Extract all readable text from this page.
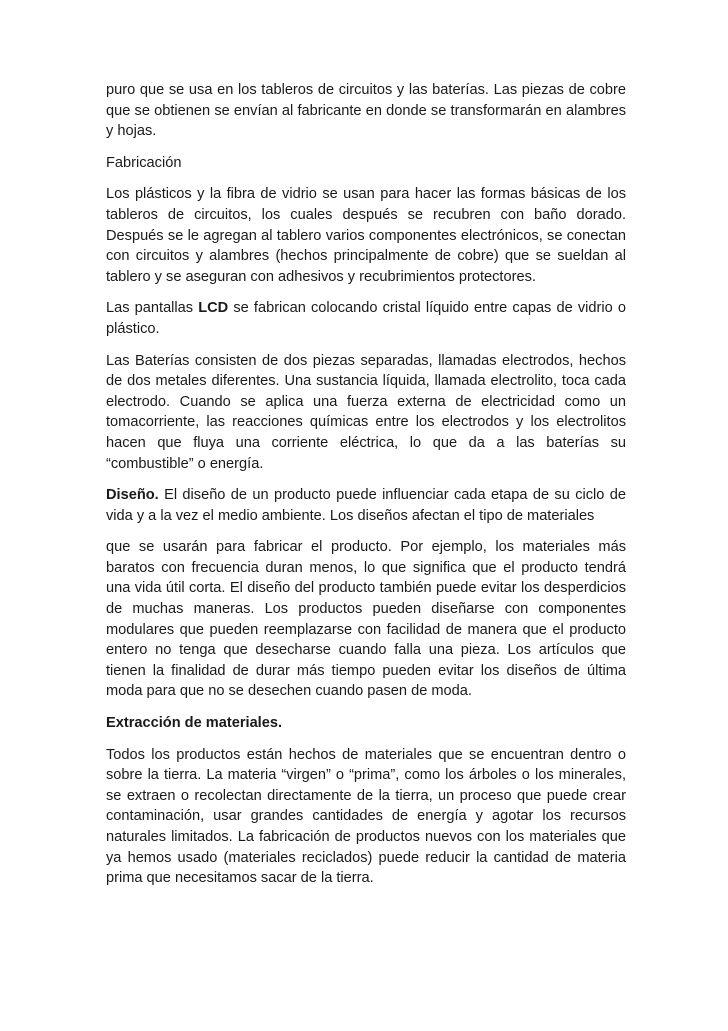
puro que se usa en los tableros de circuitos y las baterías. Las piezas de cobre que se obtienen se envían al fabricante en donde se transformarán en alambres y hojas.

Fabricación

Los plásticos y la fibra de vidrio se usan para hacer las formas básicas de los tableros de circuitos, los cuales después se recubren con baño dorado. Después se le agregan al tablero varios componentes electrónicos, se conectan con circuitos y alambres (hechos principalmente de cobre) que se sueldan al tablero y se aseguran con adhesivos y recubrimientos protectores.

Las pantallas LCD se fabrican colocando cristal líquido entre capas de vidrio o plástico.

Las Baterías consisten de dos piezas separadas, llamadas electrodos, hechos de dos metales diferentes. Una sustancia líquida, llamada electrolito, toca cada electrodo. Cuando se aplica una fuerza externa de electricidad como un tomacorriente, las reacciones químicas entre los electrodos y los electrolitos hacen que fluya una corriente eléctrica, lo que da a las baterías su “combustible” o energía.

Diseño. El diseño de un producto puede influenciar cada etapa de su ciclo de vida y a la vez el medio ambiente. Los diseños afectan el tipo de materiales

que se usarán para fabricar el producto. Por ejemplo, los materiales más baratos con frecuencia duran menos, lo que significa que el producto tendrá una vida útil corta. El diseño del producto también puede evitar los desperdicios de muchas maneras. Los productos pueden diseñarse con componentes modulares que pueden reemplazarse con facilidad de manera que el producto entero no tenga que desecharse cuando falla una pieza. Los artículos que tienen la finalidad de durar más tiempo pueden evitar los diseños de última moda para que no se desechen cuando pasen de moda.

Extracción de materiales.

Todos los productos están hechos de materiales que se encuentran dentro o sobre la tierra. La materia “virgen” o “prima”, como los árboles o los minerales, se extraen o recolectan directamente de la tierra, un proceso que puede crear contaminación, usar grandes cantidades de energía y agotar los recursos naturales limitados. La fabricación de productos nuevos con los materiales que ya hemos usado (materiales reciclados) puede reducir la cantidad de materia prima que necesitamos sacar de la tierra.
